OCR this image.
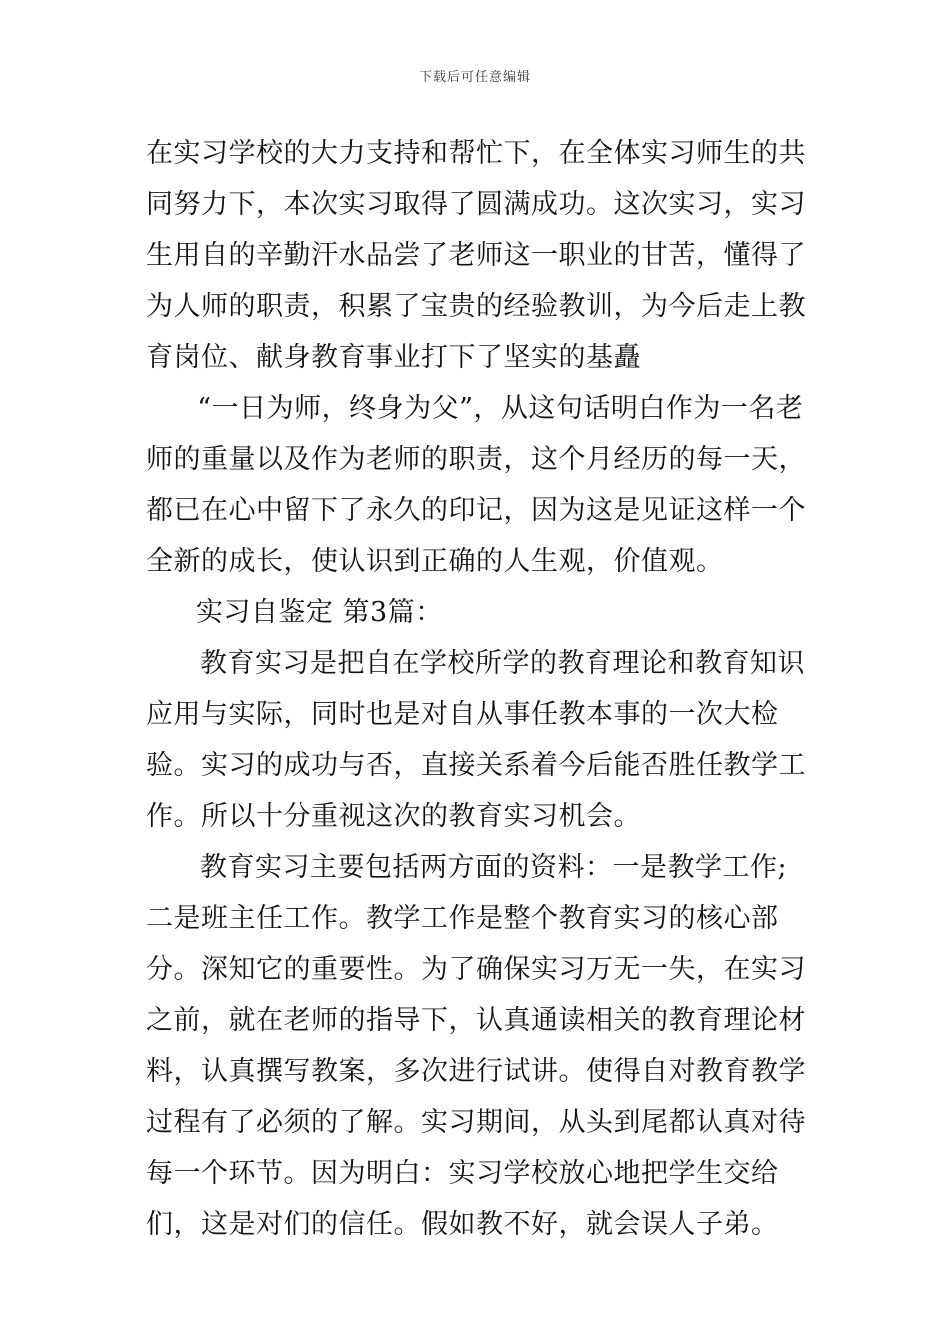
下载后可任意编辑

在实习学校的大力支持和帮忙下，在全体实习师生的共同努力下，本次实习取得了圆满成功。这次实习，实习生用自的辛勤汗水品尝了老师这一职业的甘苦，懂得了为人师的职责，积累了宝贵的经验教训，为今后走上教育岗位、献身教育事业打下了坚实的基矗

“一日为师，终身为父”，从这句话明白作为一名老师的重量以及作为老师的职责，这个月经历的每一天，都已在心中留下了永久的印记，因为这是见证这样一个全新的成长，使认识到正确的人生观，价值观。

实习自鉴定 第3篇：

教育实习是把自在学校所学的教育理论和教育知识应用与实际，同时也是对自从事任教本事的一次大检验。实习的成功与否，直接关系着今后能否胜任教学工作。所以十分重视这次的教育实习机会。

教育实习主要包括两方面的资料：一是教学工作;二是班主任工作。教学工作是整个教育实习的核心部分。深知它的重要性。为了确保实习万无一失，在实习之前，就在老师的指导下，认真通读相关的教育理论材料，认真撰写教案，多次进行试讲。使得自对教育教学过程有了必须的了解。实习期间，从头到尾都认真对待每一个环节。因为明白：实习学校放心地把学生交给们，这是对们的信任。假如教不好，就会误人子弟。
